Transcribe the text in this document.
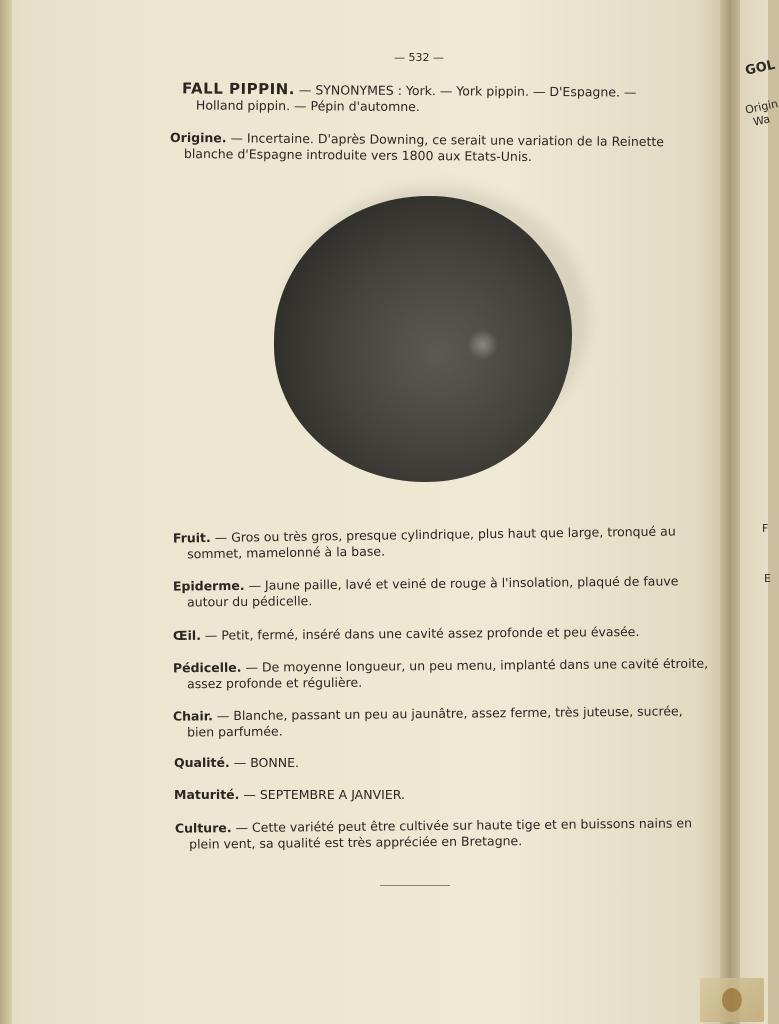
— 532 —
FALL PIPPIN. — SYNONYMES : York. — York pippin. — D'Espagne. —
Holland pippin. — Pépin d'automne.
Origine. — Incertaine. D'après Downing, ce serait une variation de la Reinette
blanche d'Espagne introduite vers 1800 aux Etats-Unis.
Fruit. — Gros ou très gros, presque cylindrique, plus haut que large, tronqué au
sommet, mamelonné à la base.
Epiderme. — Jaune paille, lavé et veiné de rouge à l'insolation, plaqué de fauve
autour du pédicelle.
Œil. — Petit, fermé, inséré dans une cavité assez profonde et peu évasée.
Pédicelle. — De moyenne longueur, un peu menu, implanté dans une cavité étroite,
assez profonde et régulière.
Chair. — Blanche, passant un peu au jaunâtre, assez ferme, très juteuse, sucrée,
bien parfumée.
Qualité. — BONNE.
Maturité. — SEPTEMBRE A JANVIER.
Culture. — Cette variété peut être cultivée sur haute tige et en buissons nains en
plein vent, sa qualité est très appréciée en Bretagne.
GOL
Origin
Wa
F
E
